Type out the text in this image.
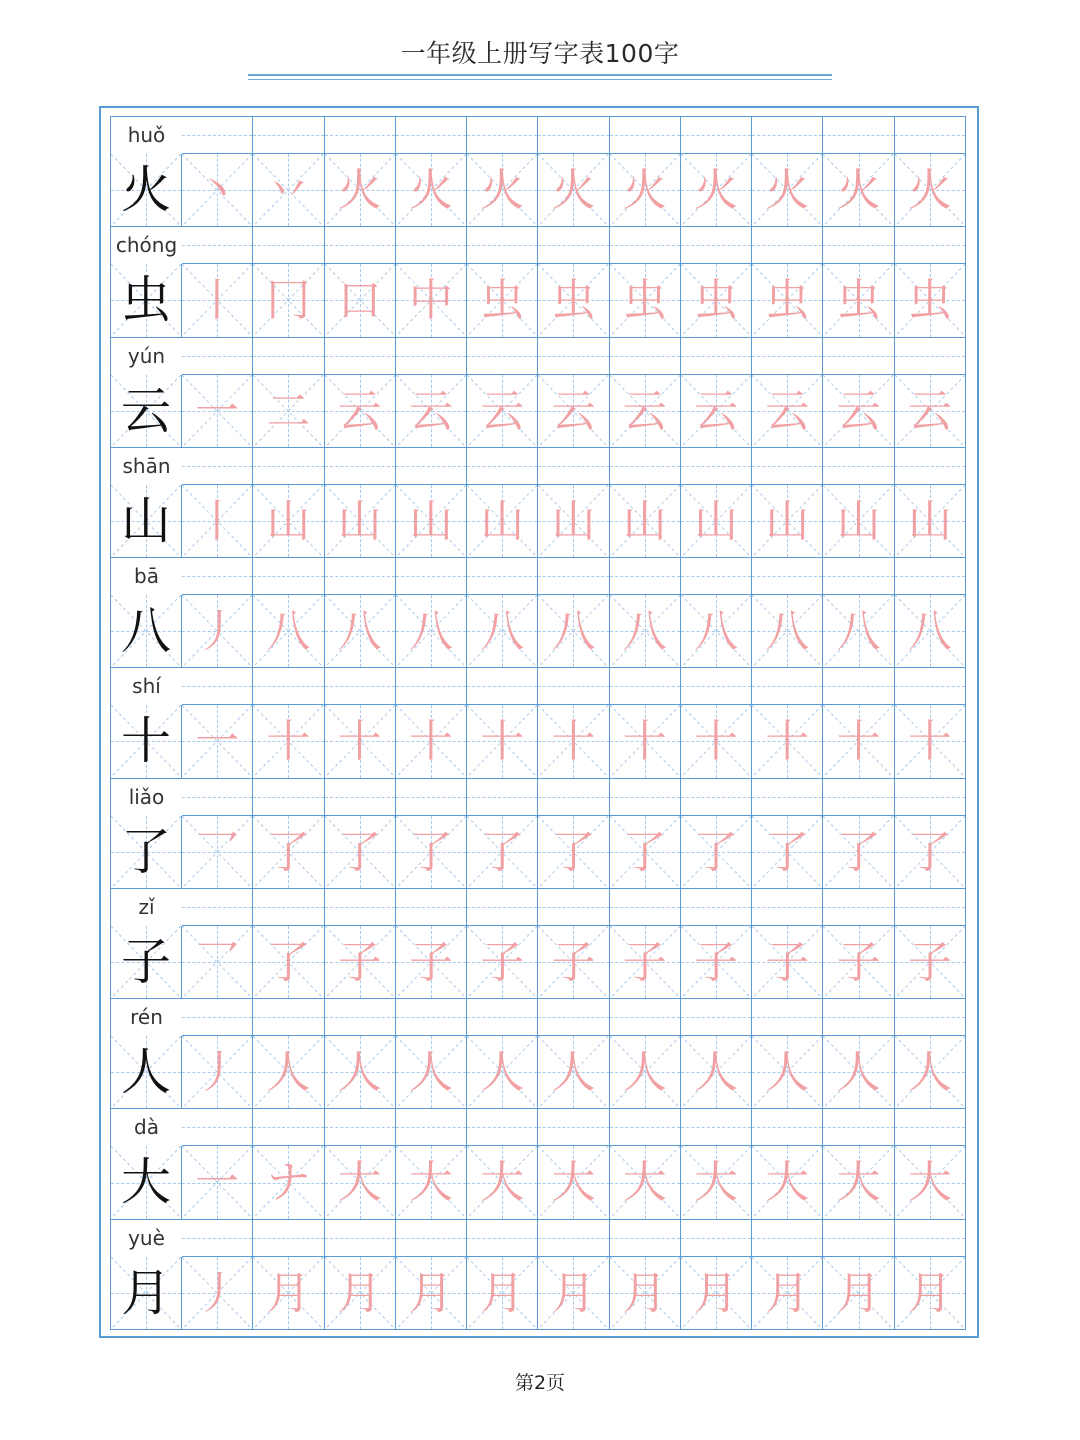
一年级上册写字表100字
huǒ
火 丶 丷 火 火 火 火 火 火 火 火 火
chóng
虫 丨 冂 口 中 虫 虫 虫 虫 虫 虫 虫
yún
云 一 二 云 云 云 云 云 云 云 云 云
shān
山 丨 山 山 山 山 山 山 山 山 山 山
bā
八 丿 八 八 八 八 八 八 八 八 八 八
shí
十 一 十 十 十 十 十 十 十 十 十 十
liǎo
了 乛 了 了 了 了 了 了 了 了 了 了
zǐ
子 乛 了 子 子 子 子 子 子 子 子 子
rén
人 丿 人 人 人 人 人 人 人 人 人 人
dà
大 一 ナ 大 大 大 大 大 大 大 大 大
yuè
月 丿 月 月 月 月 月 月 月 月 月 月
第2页
